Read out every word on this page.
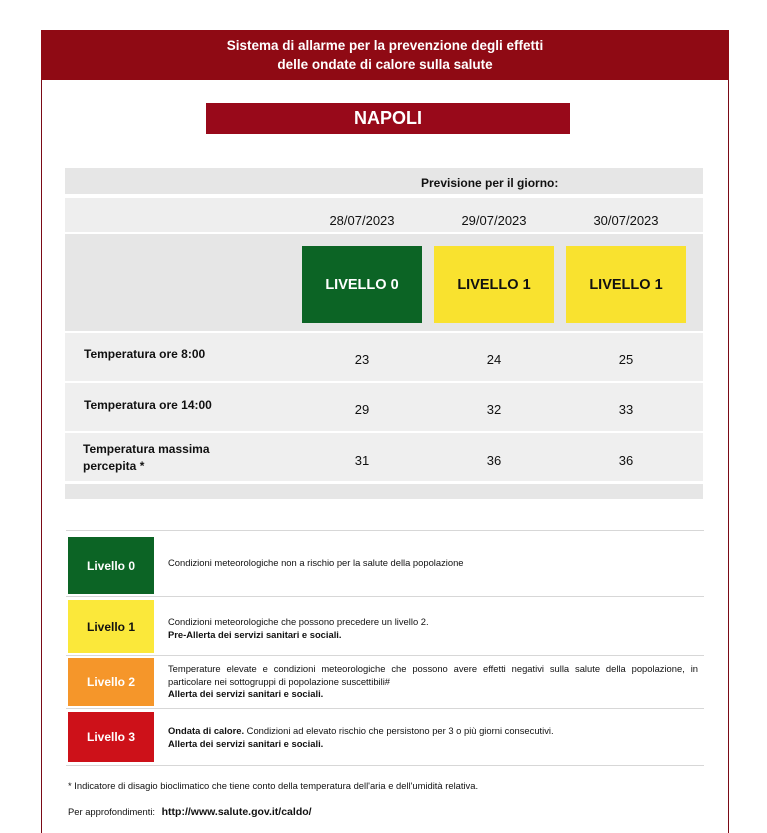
Sistema di allarme per la prevenzione degli effetti
delle ondate di calore sulla salute
NAPOLI
Previsione per il giorno:
28/07/2023	29/07/2023	30/07/2023
LIVELLO 0	LIVELLO 1	LIVELLO 1
Temperatura ore 8:00	23	24	25
Temperatura ore 14:00	29	32	33
Temperatura massima
percepita *	31	36	36
Livello 0	Condizioni meteorologiche non a rischio per la salute della popolazione
Livello 1	Condizioni meteorologiche che possono precedere un livello 2.
Pre-Allerta dei servizi sanitari e sociali.
Livello 2
Temperature elevate e condizioni meteorologiche che possono avere effetti negativi sulla salute della popolazione, in particolare nei sottogruppi di popolazione suscettibili#
Allerta dei servizi sanitari e sociali.
Livello 3	Ondata di calore. Condizioni ad elevato rischio che persistono per 3 o più giorni consecutivi.
Allerta dei servizi sanitari e sociali.
* Indicatore di disagio bioclimatico che tiene conto della temperatura dell'aria e dell'umidità relativa.
Per approfondimenti: http://www.salute.gov.it/caldo/
